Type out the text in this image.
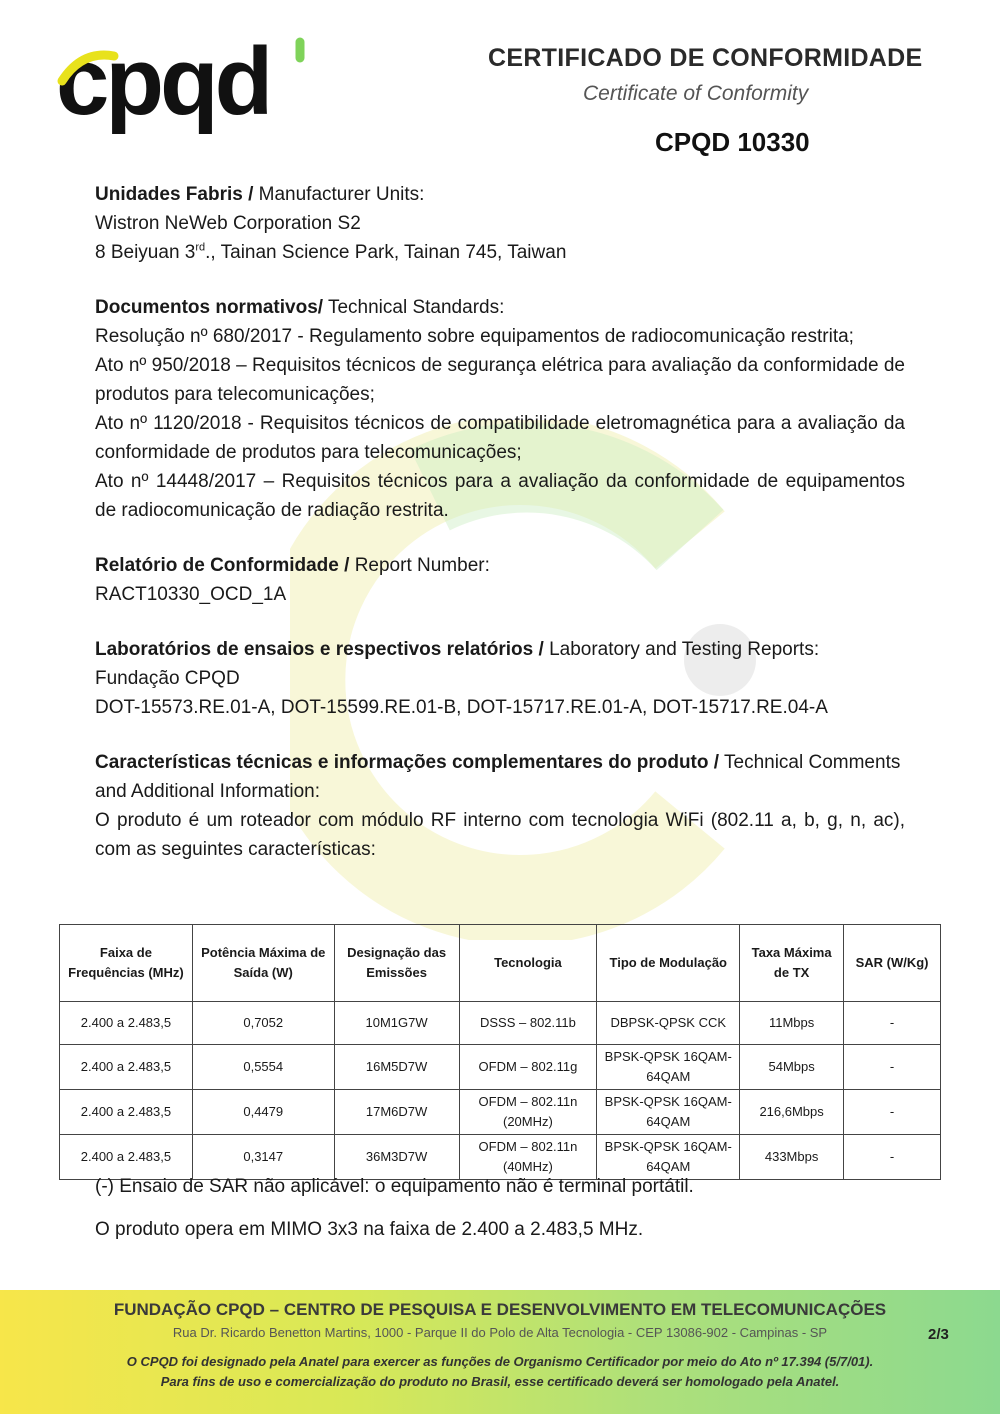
cpqd	CERTIFICADO DE CONFORMIDADE
Certificate of Conformity
CPQD 10330

Unidades Fabris / Manufacturer Units:

Wistron NeWeb Corporation S2

8 Beiyuan 3rd., Tainan Science Park, Tainan 745, Taiwan

Documentos normativos/ Technical Standards:

Resolução nº 680/2017 - Regulamento sobre equipamentos de radiocomunicação restrita;

Ato nº 950/2018 – Requisitos técnicos de segurança elétrica para avaliação da conformidade de produtos para telecomunicações;

Ato nº 1120/2018 - Requisitos técnicos de compatibilidade eletromagnética para a avaliação da conformidade de produtos para telecomunicações;

Ato nº 14448/2017 – Requisitos técnicos para a avaliação da conformidade de equipamentos de radiocomunicação de radiação restrita.

Relatório de Conformidade / Report Number:

RACT10330_OCD_1A

Laboratórios de ensaios e respectivos relatórios / Laboratory and Testing Reports:

Fundação CPQD

DOT-15573.RE.01-A, DOT-15599.RE.01-B, DOT-15717.RE.01-A, DOT-15717.RE.04-A

Características técnicas e informações complementares do produto / Technical Comments and Additional Information:

O produto é um roteador com módulo RF interno com tecnologia WiFi (802.11 a, b, g, n, ac), com as seguintes características:

Faixa de Frequências (MHz)	Potência Máxima de Saída (W)	Designação das Emissões	Tecnologia	Tipo de Modulação	Taxa Máxima de TX	SAR (W/Kg)
2.400 a 2.483,5	0,7052	10M1G7W	DSSS – 802.11b	DBPSK-QPSK CCK	11Mbps	-
2.400 a 2.483,5	0,5554	16M5D7W	OFDM – 802.11g	BPSK-QPSK 16QAM-64QAM	54Mbps	-
2.400 a 2.483,5	0,4479	17M6D7W	OFDM – 802.11n (20MHz)	BPSK-QPSK 16QAM-64QAM	216,6Mbps	-
2.400 a 2.483,5	0,3147	36M3D7W	OFDM – 802.11n (40MHz)	BPSK-QPSK 16QAM-64QAM	433Mbps	-

(-) Ensaio de SAR não aplicável: o equipamento não é terminal portátil.

O produto opera em MIMO 3x3 na faixa de 2.400 a 2.483,5 MHz.

FUNDAÇÃO CPQD – CENTRO DE PESQUISA E DESENVOLVIMENTO EM TELECOMUNICAÇÕES
Rua Dr. Ricardo Benetton Martins, 1000 - Parque II do Polo de Alta Tecnologia - CEP 13086-902 - Campinas - SP	2/3
O CPQD foi designado pela Anatel para exercer as funções de Organismo Certificador por meio do Ato nº 17.394 (5/7/01).
Para fins de uso e comercialização do produto no Brasil, esse certificado deverá ser homologado pela Anatel.
